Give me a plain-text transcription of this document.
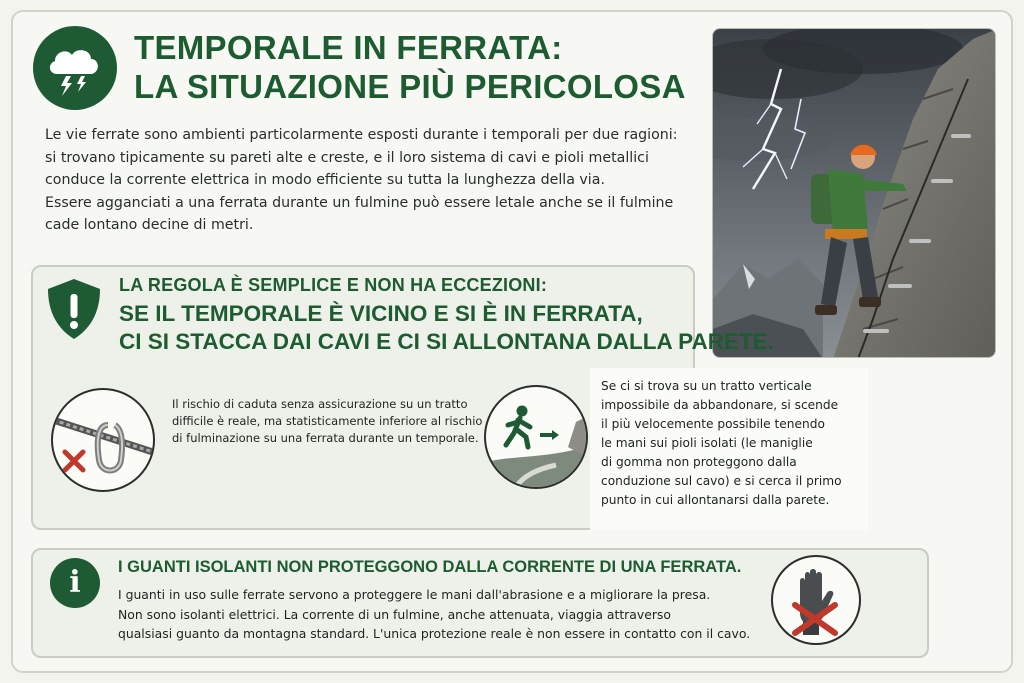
TEMPORALE IN FERRATA:
LA SITUAZIONE PIÙ PERICOLOSA
Le vie ferrate sono ambienti particolarmente esposti durante i temporali per due ragioni:
si trovano tipicamente su pareti alte e creste, e il loro sistema di cavi e pioli metallici
conduce la corrente elettrica in modo efficiente su tutta la lunghezza della via.
Essere agganciati a una ferrata durante un fulmine può essere letale anche se il fulmine
cade lontano decine di metri.
LA REGOLA È SEMPLICE E NON HA ECCEZIONI:
SE IL TEMPORALE È VICINO E SI È IN FERRATA,
CI SI STACCA DAI CAVI E CI SI ALLONTANA DALLA PARETE.
Il rischio di caduta senza assicurazione su un tratto
difficile è reale, ma statisticamente inferiore al rischio
di fulminazione su una ferrata durante un temporale.
Se ci si trova su un tratto verticale
impossibile da abbandonare, si scende
il più velocemente possibile tenendo
le mani sui pioli isolati (le maniglie
di gomma non proteggono dalla
conduzione sul cavo) e si cerca il primo
punto in cui allontanarsi dalla parete.
i	I GUANTI ISOLANTI NON PROTEGGONO DALLA CORRENTE DI UNA FERRATA.
I guanti in uso sulle ferrate servono a proteggere le mani dall'abrasione e a migliorare la presa.
Non sono isolanti elettrici. La corrente di un fulmine, anche attenuata, viaggia attraverso
qualsiasi guanto da montagna standard. L'unica protezione reale è non essere in contatto con il cavo.
